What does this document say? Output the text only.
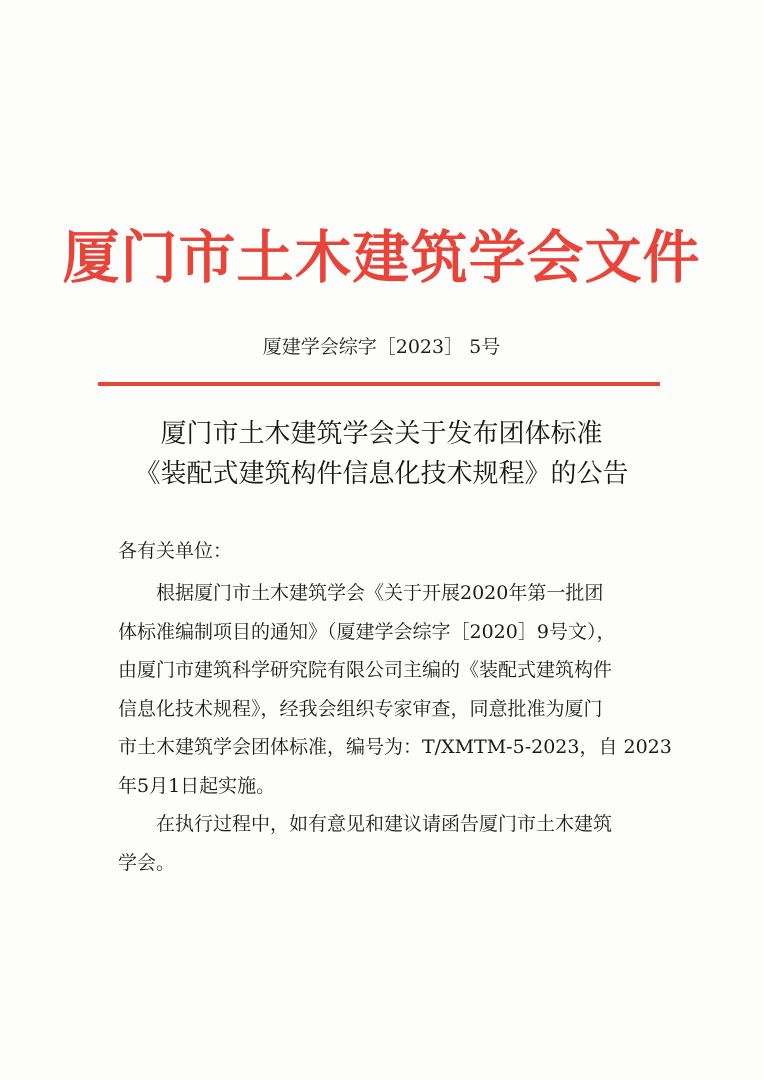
厦门市土木建筑学会文件
厦建学会综字［2023］ 5号
厦门市土木建筑学会关于发布团体标准
《装配式建筑构件信息化技术规程》的公告
各有关单位：
根据厦门市土木建筑学会《关于开展2020年第一批团
体标准编制项目的通知》（厦建学会综字［2020］9号文），
由厦门市建筑科学研究院有限公司主编的《装配式建筑构件
信息化技术规程》，经我会组织专家审查，同意批准为厦门
市土木建筑学会团体标准，编号为：T/XMTM-5-2023，自 2023
年5月1日起实施。
在执行过程中，如有意见和建议请函告厦门市土木建筑
学会。
